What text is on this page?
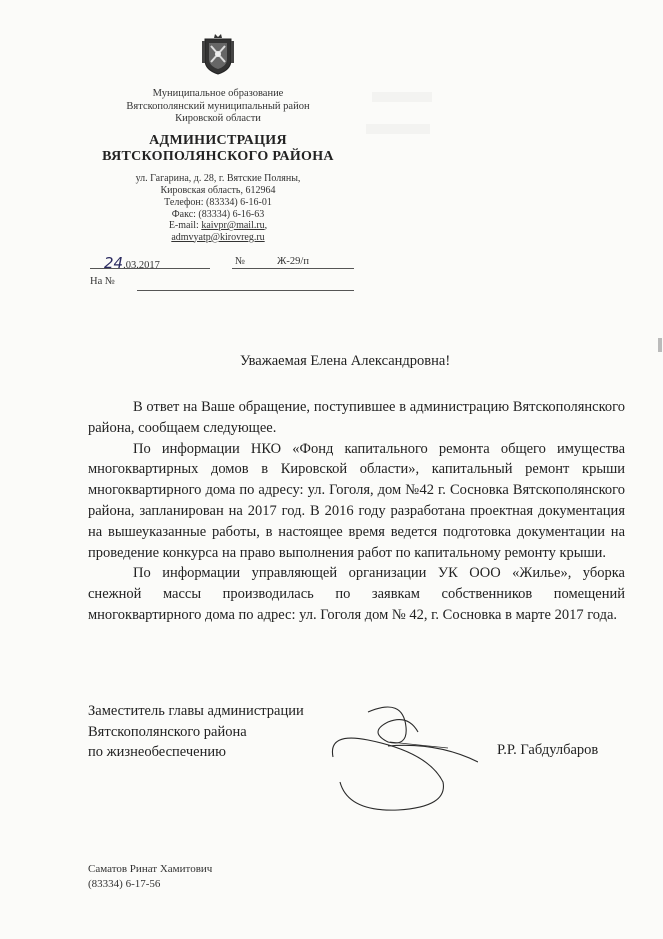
Муниципальное образование
Вятскополянский муниципальный район
Кировской области
АДМИНИСТРАЦИЯ
ВЯТСКОПОЛЯНСКОГО РАЙОНА
ул. Гагарина, д. 28, г. Вятские Поляны,
Кировская область, 612964
Телефон: (83334) 6-16-01
Факс: (83334) 6-16-63
E-mail: kaivpr@mail.ru,
admvyatp@kirovreg.ru
24.03.2017	№	Ж-29/п
На №
Уважаемая Елена Александровна!

В ответ на Ваше обращение, поступившее в администрацию Вятскополянского района, сообщаем следующее.

По информации НКО «Фонд капитального ремонта общего имущества многоквартирных домов в Кировской области», капитальный ремонт крыши многоквартирного дома по адресу: ул. Гоголя, дом №42 г. Сосновка Вятскополянского района, запланирован на 2017 год. В 2016 году разработана проектная документация на вышеуказанные работы, в настоящее время ведется подготовка документации на проведение конкурса на право выполнения работ по капитальному ремонту крыши.

По информации управляющей организации УК ООО «Жилье», уборка снежной массы производилась по заявкам собственников помещений многоквартирного дома по адрес: ул. Гоголя дом № 42, г. Сосновка в марте 2017 года.

Заместитель главы администрации
Вятскополянского района
по жизнеобеспечению	Р.Р. Габдулбаров
Саматов Ринат Хамитович
(83334) 6-17-56
